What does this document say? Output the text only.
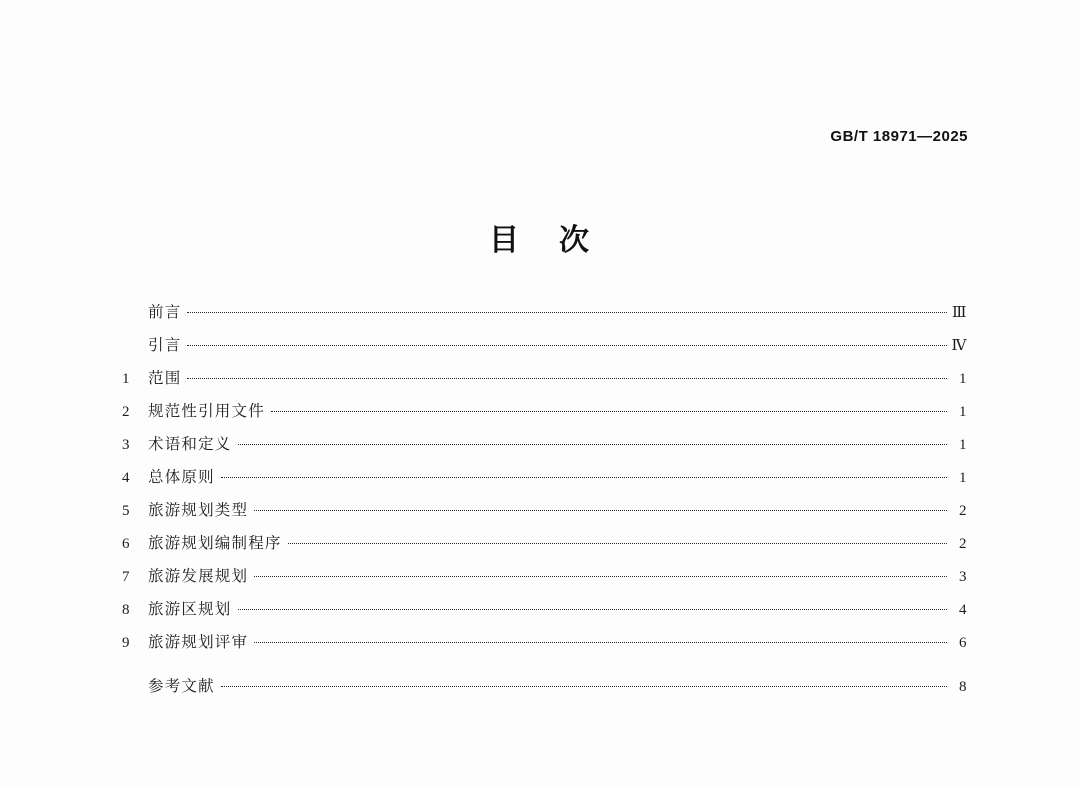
GB/T 18971—2025
目 次
前言	Ⅲ
引言	Ⅳ
1	范围	1
2	规范性引用文件	1
3	术语和定义	1
4	总体原则	1
5	旅游规划类型	2
6	旅游规划编制程序	2
7	旅游发展规划	3
8	旅游区规划	4
9	旅游规划评审	6
参考文献	8
